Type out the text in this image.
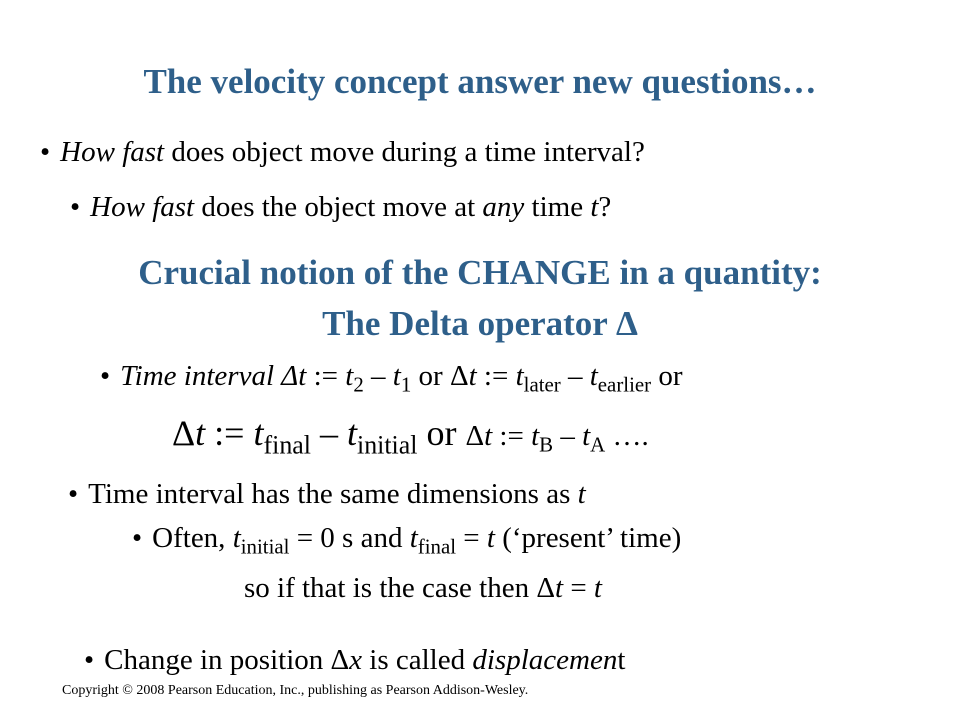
The velocity concept answer new questions…
• How fast does object move during a time interval?
• How fast does the object move at any time t?
Crucial notion of the CHANGE in a quantity:
The Delta operator Δ
• Time interval Δt := $t_2 - t_1$ or Δt := $t_{later} - t_{earlier}$ or
Δt := $t_{final} - t_{initial}$ or Δt := $t_B - t_A$ ….
• Time interval has the same dimensions as t
• Often, $t_{initial} = 0$ s and $t_{final} = t$ (‘present’ time)
so if that is the case then Δt = t
• Change in position Δx is called displacement
Copyright © 2008 Pearson Education, Inc., publishing as Pearson Addison-Wesley.
